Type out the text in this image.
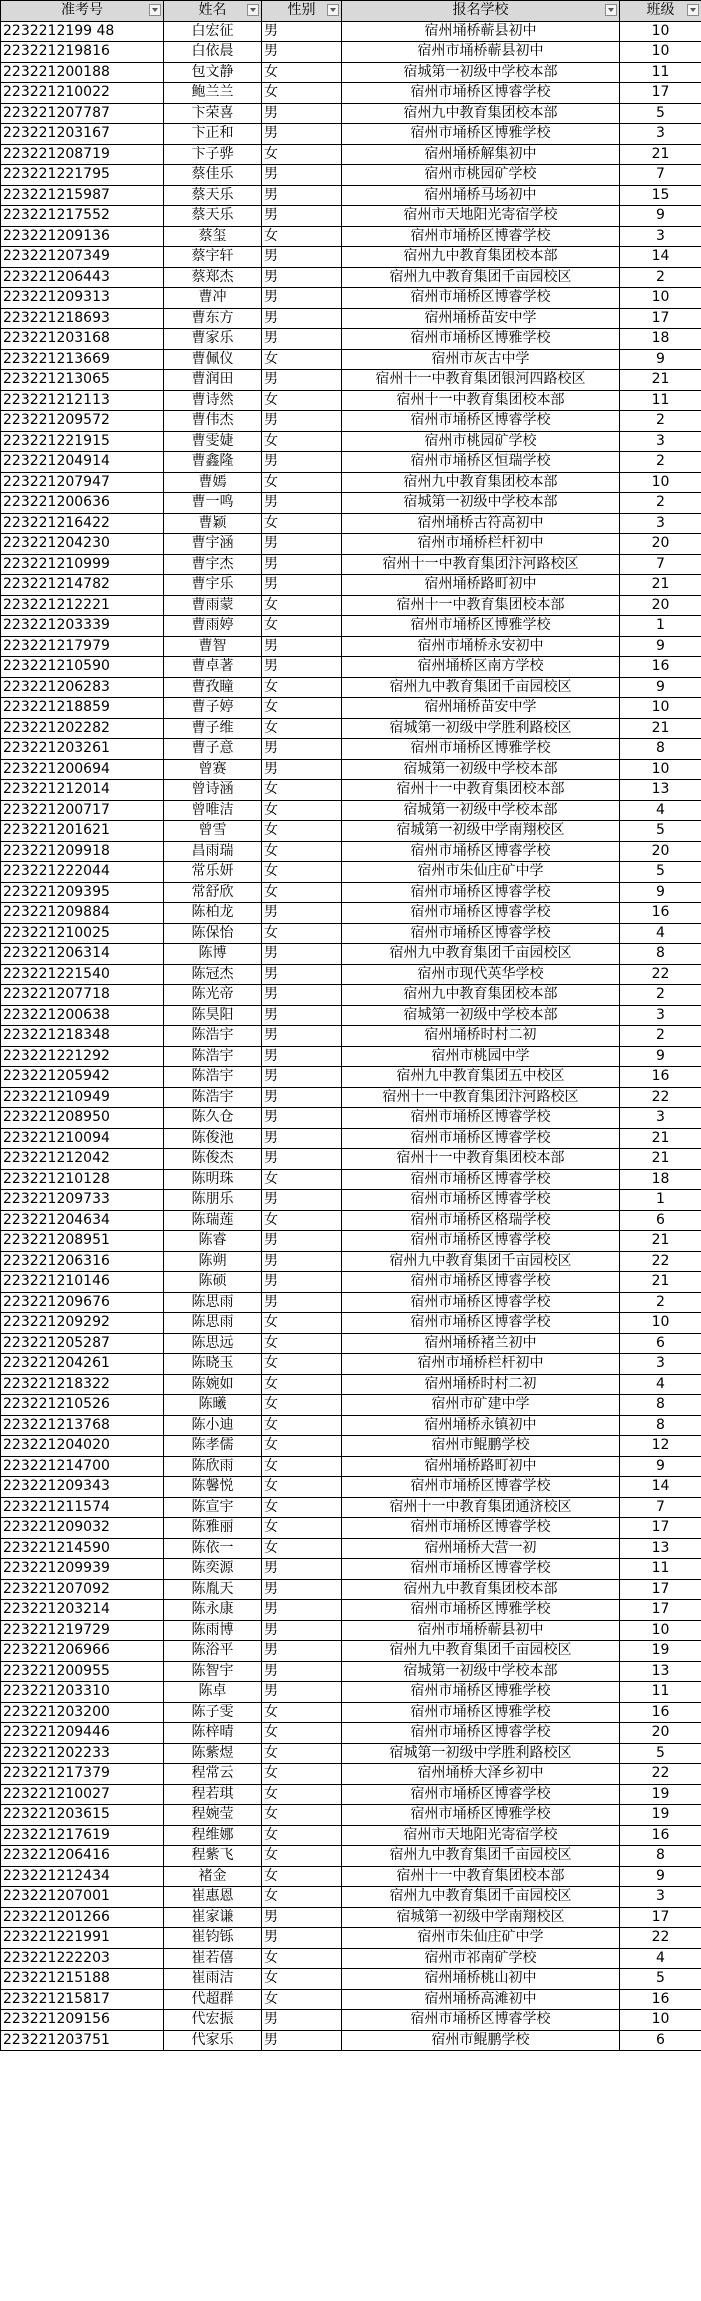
准考号	姓名	性别	报名学校	班级

2232212199 48	白宏征	男	宿州埇桥蕲县初中	10
223221219816	白依晨	男	宿州市埇桥蕲县初中	10
223221200188	包文静	女	宿城第一初级中学校本部	11
223221210022	鲍兰兰	女	宿州市埇桥区博睿学校	17
223221207787	卞荣喜	男	宿州九中教育集团校本部	5
223221203167	卞正和	男	宿州市埇桥区博雅学校	3
223221208719	卞子骅	女	宿州埇桥解集初中	21
223221221795	蔡佳乐	男	宿州市桃园矿学校	7
223221215987	蔡天乐	男	宿州埇桥马场初中	15
223221217552	蔡天乐	男	宿州市天地阳光寄宿学校	9
223221209136	蔡玺	女	宿州市埇桥区博睿学校	3
223221207349	蔡宇轩	男	宿州九中教育集团校本部	14
223221206443	蔡郑杰	男	宿州九中教育集团千亩园校区	2
223221209313	曹冲	男	宿州市埇桥区博睿学校	10
223221218693	曹东方	男	宿州埇桥苗安中学	17
223221203168	曹家乐	男	宿州市埇桥区博雅学校	18
223221213669	曹佩仪	女	宿州市灰古中学	9
223221213065	曹润田	男	宿州十一中教育集团银河四路校区	21
223221212113	曹诗然	女	宿州十一中教育集团校本部	11
223221209572	曹伟杰	男	宿州市埇桥区博睿学校	2
223221221915	曹雯婕	女	宿州市桃园矿学校	3
223221204914	曹鑫隆	男	宿州市埇桥区恒瑞学校	2
223221207947	曹嫣	女	宿州九中教育集团校本部	10
223221200636	曹一鸣	男	宿城第一初级中学校本部	2
223221216422	曹颖	女	宿州埇桥古符高初中	3
223221204230	曹宇涵	男	宿州市埇桥栏杆初中	20
223221210999	曹宇杰	男	宿州十一中教育集团汴河路校区	7
223221214782	曹宇乐	男	宿州埇桥路町初中	21
223221212221	曹雨蒙	女	宿州十一中教育集团校本部	20
223221203339	曹雨婷	女	宿州市埇桥区博雅学校	1
223221217979	曹智	男	宿州市埇桥永安初中	9
223221210590	曹卓著	男	宿州埇桥区南方学校	16
223221206283	曹孜瞳	女	宿州九中教育集团千亩园校区	9
223221218859	曹子婷	女	宿州埇桥苗安中学	10
223221202282	曹子维	女	宿城第一初级中学胜利路校区	21
223221203261	曹子意	男	宿州市埇桥区博雅学校	8
223221200694	曾赛	男	宿城第一初级中学校本部	10
223221212014	曾诗涵	女	宿州十一中教育集团校本部	13
223221200717	曾唯洁	女	宿城第一初级中学校本部	4
223221201621	曾雪	女	宿城第一初级中学南翔校区	5
223221209918	昌雨瑞	女	宿州市埇桥区博睿学校	20
223221222044	常乐妍	女	宿州市朱仙庄矿中学	5
223221209395	常舒欣	女	宿州市埇桥区博睿学校	9
223221209884	陈柏龙	男	宿州市埇桥区博睿学校	16
223221210025	陈保怡	女	宿州市埇桥区博睿学校	4
223221206314	陈博	男	宿州九中教育集团千亩园校区	8
223221221540	陈冠杰	男	宿州市现代英华学校	22
223221207718	陈光帝	男	宿州九中教育集团校本部	2
223221200638	陈昊阳	男	宿城第一初级中学校本部	3
223221218348	陈浩宇	男	宿州埇桥时村二初	2
223221221292	陈浩宇	男	宿州市桃园中学	9
223221205942	陈浩宇	男	宿州九中教育集团五中校区	16
223221210949	陈浩宇	男	宿州十一中教育集团汴河路校区	22
223221208950	陈久仓	男	宿州市埇桥区博睿学校	3
223221210094	陈俊池	男	宿州市埇桥区博睿学校	21
223221212042	陈俊杰	男	宿州十一中教育集团校本部	21
223221210128	陈明珠	女	宿州市埇桥区博睿学校	18
223221209733	陈朋乐	男	宿州市埇桥区博睿学校	1
223221204634	陈瑞莲	女	宿州市埇桥区格瑞学校	6
223221208951	陈睿	男	宿州市埇桥区博睿学校	21
223221206316	陈朔	男	宿州九中教育集团千亩园校区	22
223221210146	陈硕	男	宿州市埇桥区博睿学校	21
223221209676	陈思雨	男	宿州市埇桥区博睿学校	2
223221209292	陈思雨	女	宿州市埇桥区博睿学校	10
223221205287	陈思远	女	宿州埇桥褚兰初中	6
223221204261	陈晓玉	女	宿州市埇桥栏杆初中	3
223221218322	陈婉如	女	宿州埇桥时村二初	4
223221210526	陈曦	女	宿州市矿建中学	8
223221213768	陈小迪	女	宿州埇桥永镇初中	8
223221204020	陈孝儒	女	宿州市鲲鹏学校	12
223221214700	陈欣雨	女	宿州埇桥路町初中	9
223221209343	陈馨悦	女	宿州市埇桥区博睿学校	14
223221211574	陈宣宇	女	宿州十一中教育集团通济校区	7
223221209032	陈雅丽	女	宿州市埇桥区博睿学校	17
223221214590	陈依一	女	宿州埇桥大营一初	13
223221209939	陈奕源	男	宿州市埇桥区博睿学校	11
223221207092	陈胤天	男	宿州九中教育集团校本部	17
223221203214	陈永康	男	宿州市埇桥区博雅学校	17
223221219729	陈雨博	男	宿州市埇桥蕲县初中	10
223221206966	陈浴平	男	宿州九中教育集团千亩园校区	19
223221200955	陈智宇	男	宿城第一初级中学校本部	13
223221203310	陈卓	男	宿州市埇桥区博雅学校	11
223221203200	陈子雯	女	宿州市埇桥区博雅学校	16
223221209446	陈梓晴	女	宿州市埇桥区博睿学校	20
223221202233	陈紫煜	女	宿城第一初级中学胜利路校区	5
223221217379	程常云	女	宿州埇桥大泽乡初中	22
223221210027	程若琪	女	宿州市埇桥区博睿学校	19
223221203615	程婉莹	女	宿州市埇桥区博雅学校	19
223221217619	程维娜	女	宿州市天地阳光寄宿学校	16
223221206416	程紫飞	女	宿州九中教育集团千亩园校区	8
223221212434	褚金	女	宿州十一中教育集团校本部	9
223221207001	崔惠恩	女	宿州九中教育集团千亩园校区	3
223221201266	崔家谦	男	宿城第一初级中学南翔校区	17
223221221991	崔钧铄	男	宿州市朱仙庄矿中学	22
223221222203	崔若僖	女	宿州市祁南矿学校	4
223221215188	崔雨洁	女	宿州埇桥桃山初中	5
223221215817	代超群	女	宿州埇桥高滩初中	16
223221209156	代宏振	男	宿州市埇桥区博睿学校	10
223221203751	代家乐	男	宿州市鲲鹏学校	6
